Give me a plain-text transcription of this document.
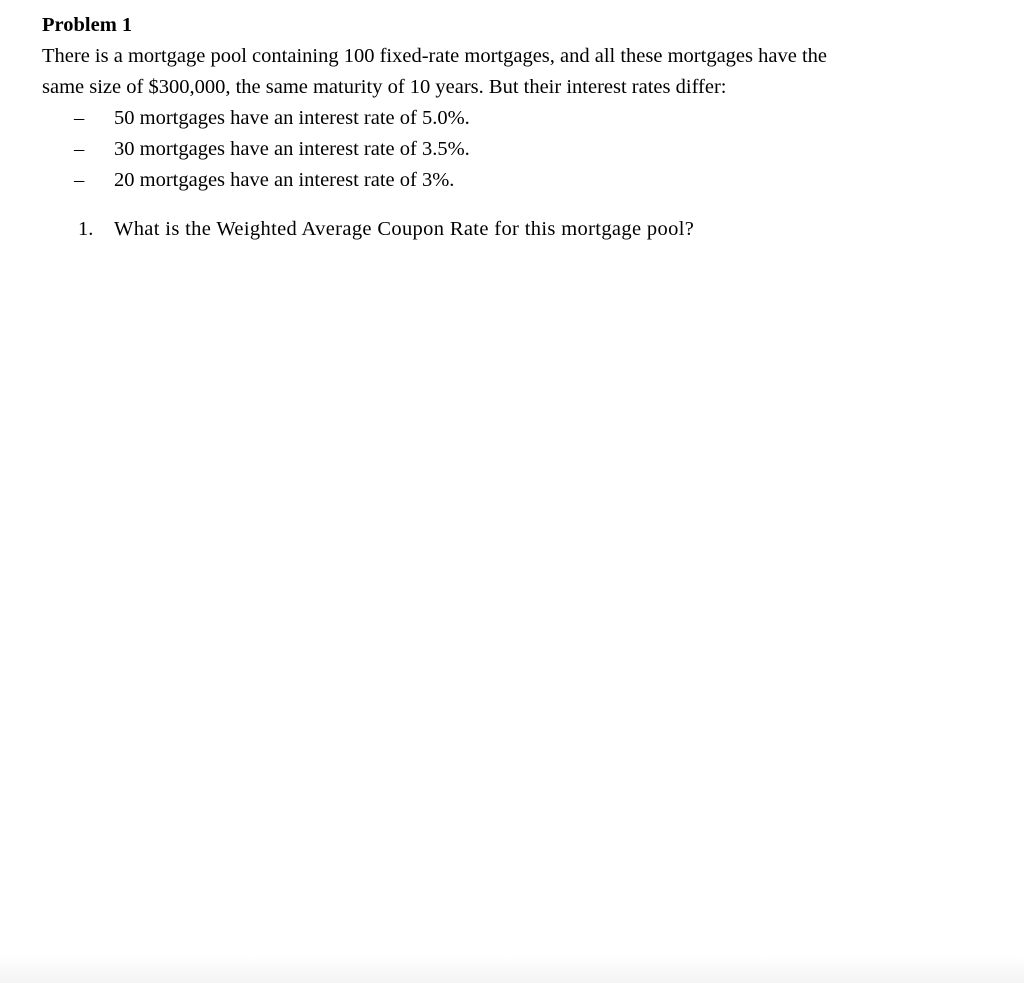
Problem 1
There is a mortgage pool containing 100 fixed-rate mortgages, and all these mortgages have the
same size of $300,000, the same maturity of 10 years. But their interest rates differ:
– 50 mortgages have an interest rate of 5.0%.
– 30 mortgages have an interest rate of 3.5%.
– 20 mortgages have an interest rate of 3%.
1. What is the Weighted Average Coupon Rate for this mortgage pool?
